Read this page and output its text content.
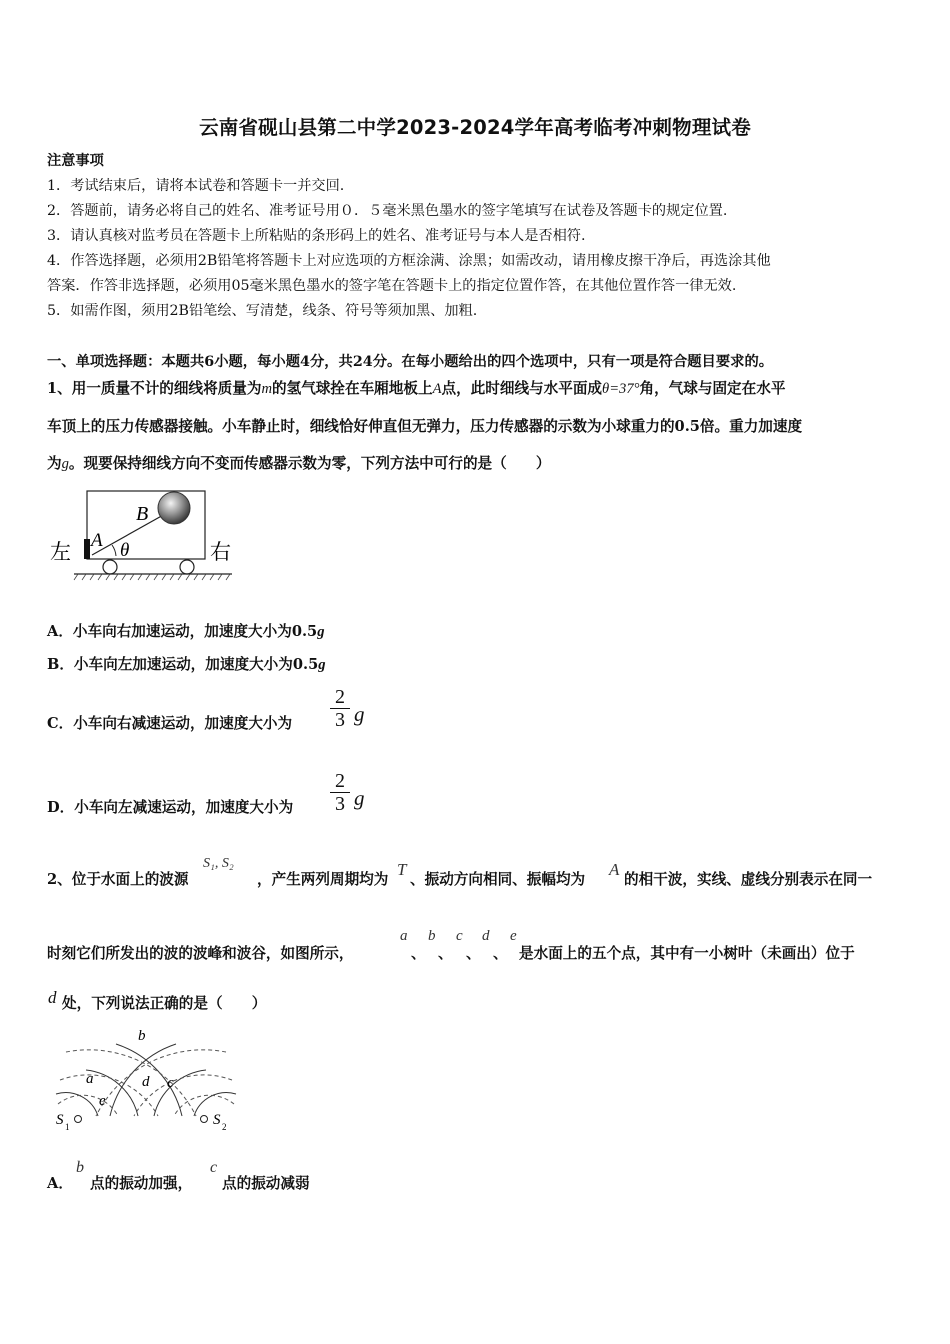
云南省砚山县第二中学2023-2024学年高考临考冲刺物理试卷
注意事项
1．考试结束后，请将本试卷和答题卡一并交回.
2．答题前，请务必将自己的姓名、准考证号用０．５毫米黑色墨水的签字笔填写在试卷及答题卡的规定位置.
3．请认真核对监考员在答题卡上所粘贴的条形码上的姓名、准考证号与本人是否相符.
4．作答选择题，必须用2B铅笔将答题卡上对应选项的方框涂满、涂黑；如需改动，请用橡皮擦干净后，再选涂其他
答案．作答非选择题，必须用05毫米黑色墨水的签字笔在答题卡上的指定位置作答，在其他位置作答一律无效.
5．如需作图，须用2B铅笔绘、写清楚，线条、符号等须加黑、加粗.
一、单项选择题：本题共6小题，每小题4分，共24分。在每小题给出的四个选项中，只有一项是符合题目要求的。
1、用一质量不计的细线将质量为m的氢气球拴在车厢地板上A点，此时细线与水平面成θ=37°角，气球与固定在水平
车顶上的压力传感器接触。小车静止时，细线恰好伸直但无弹力，压力传感器的示数为小球重力的0.5倍。重力加速度
为g。现要保持细线方向不变而传感器示数为零，下列方法中可行的是（　　）
左	右
A
B
θ
A．小车向右加速运动，加速度大小为0.5g
B．小车向左加速运动，加速度大小为0.5g
C．小车向右减速运动，加速度大小为 $\frac{2}{3}$ g
D．小车向左减速运动，加速度大小为 $\frac{2}{3}$ g
2、位于水面上的波源
S₁, S₂
，产生两列周期均为
T
、振动方向相同、振幅均为
A
的相干波，实线、虚线分别表示在同一
时刻它们所发出的波的波峰和波谷，如图所示，
a b c d e
、 、 、 、 是水面上的五个点，其中有一小树叶（未画出）位于
d 处，下列说法正确的是（　　）
b
a	d c
e
S 1	S 2
A．
b
点的振动加强，
c
点的振动减弱
